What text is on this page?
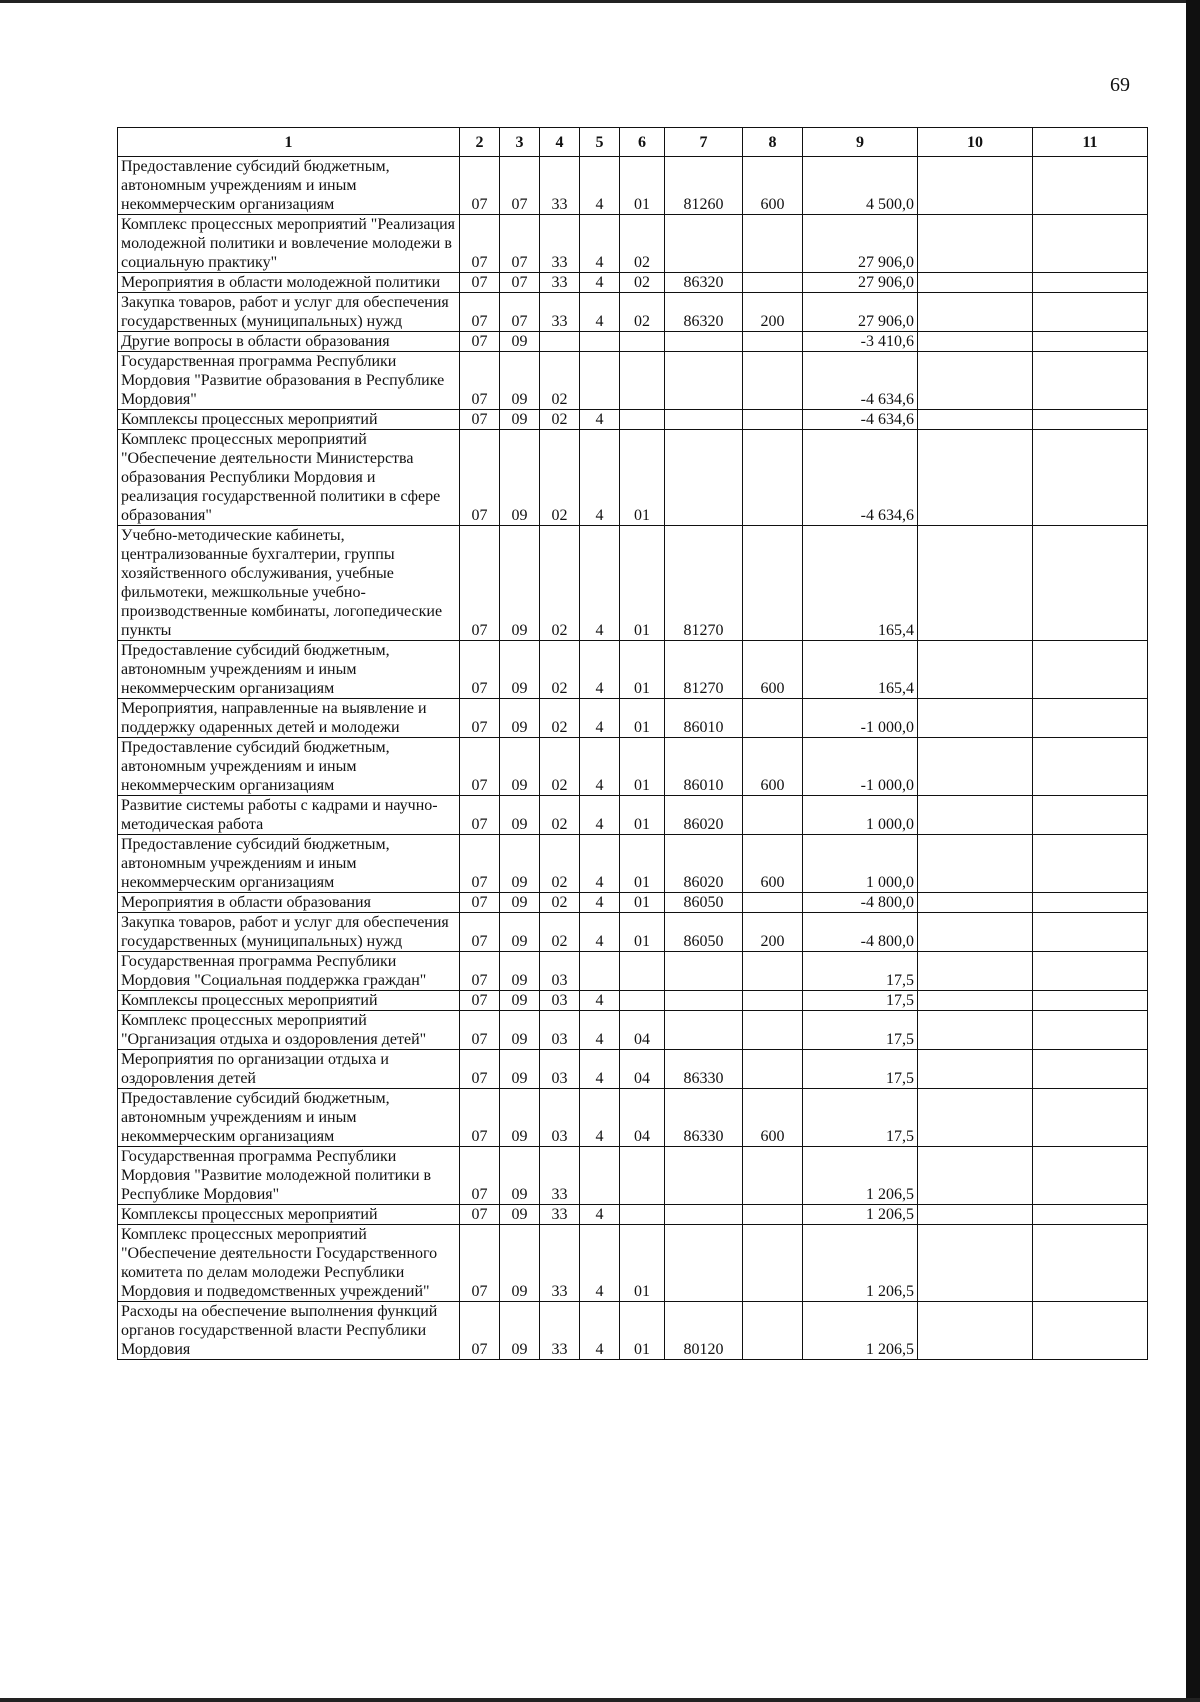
69
1	2	3	4	5	6	7	8	9	10	11
Предоставление субсидий бюджетным, автономным учреждениям и иным некоммерческим организациям	07	07	33	4	01	81260	600	4 500,0		
Комплекс процессных мероприятий "Реализация молодежной политики и вовлечение молодежи в социальную практику"	07	07	33	4	02			27 906,0		
Мероприятия в области молодежной политики	07	07	33	4	02	86320		27 906,0		
Закупка товаров, работ и услуг для обеспечения государственных (муниципальных) нужд	07	07	33	4	02	86320	200	27 906,0		
Другие вопросы в области образования	07	09						-3 410,6		
Государственная программа Республики Мордовия "Развитие образования в Республике Мордовия"	07	09	02					-4 634,6		
Комплексы процессных мероприятий	07	09	02	4				-4 634,6		
Комплекс процессных мероприятий "Обеспечение деятельности Министерства образования Республики Мордовия и реализация государственной политики в сфере образования"	07	09	02	4	01			-4 634,6		
Учебно-методические кабинеты, централизованные бухгалтерии, группы хозяйственного обслуживания, учебные фильмотеки, межшкольные учебно-производственные комбинаты, логопедические пункты	07	09	02	4	01	81270		165,4		
Предоставление субсидий бюджетным, автономным учреждениям и иным некоммерческим организациям	07	09	02	4	01	81270	600	165,4		
Мероприятия, направленные на выявление и поддержку одаренных детей и молодежи	07	09	02	4	01	86010		-1 000,0		
Предоставление субсидий бюджетным, автономным учреждениям и иным некоммерческим организациям	07	09	02	4	01	86010	600	-1 000,0		
Развитие системы работы с кадрами и научно-методическая работа	07	09	02	4	01	86020		1 000,0		
Предоставление субсидий бюджетным, автономным учреждениям и иным некоммерческим организациям	07	09	02	4	01	86020	600	1 000,0		
Мероприятия в области образования	07	09	02	4	01	86050		-4 800,0		
Закупка товаров, работ и услуг для обеспечения государственных (муниципальных) нужд	07	09	02	4	01	86050	200	-4 800,0		
Государственная программа Республики Мордовия "Социальная поддержка граждан"	07	09	03					17,5		
Комплексы процессных мероприятий	07	09	03	4				17,5		
Комплекс процессных мероприятий "Организация отдыха и оздоровления детей"	07	09	03	4	04			17,5		
Мероприятия по организации отдыха и оздоровления детей	07	09	03	4	04	86330		17,5		
Предоставление субсидий бюджетным, автономным учреждениям и иным некоммерческим организациям	07	09	03	4	04	86330	600	17,5		
Государственная программа Республики Мордовия "Развитие молодежной политики в Республике Мордовия"	07	09	33					1 206,5		
Комплексы процессных мероприятий	07	09	33	4				1 206,5		
Комплекс процессных мероприятий "Обеспечение деятельности Государственного комитета по делам молодежи Республики Мордовия и подведомственных учреждений"	07	09	33	4	01			1 206,5		
Расходы на обеспечение выполнения функций органов государственной власти Республики Мордовия	07	09	33	4	01	80120		1 206,5		
